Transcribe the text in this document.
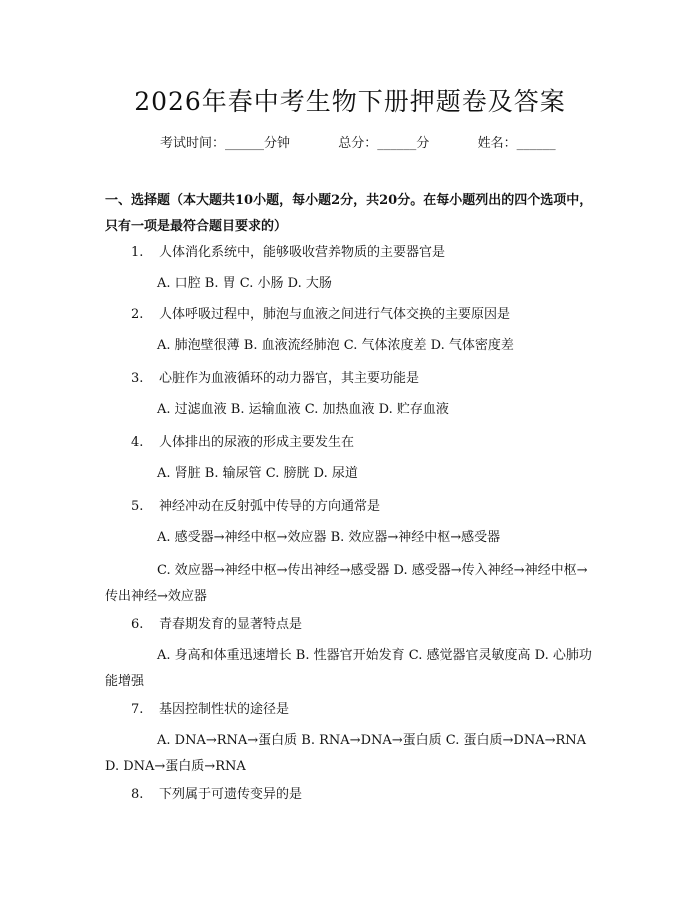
2026年春中考生物下册押题卷及答案
考试时间：______分钟	总分：______分	姓名：______
一、选择题（本大题共10小题，每小题2分，共20分。在每小题列出的四个选项中，只有一项是最符合题目要求的）
1.	人体消化系统中，能够吸收营养物质的主要器官是
A. 口腔 B. 胃 C. 小肠 D. 大肠
2.	人体呼吸过程中，肺泡与血液之间进行气体交换的主要原因是
A. 肺泡壁很薄 B. 血液流经肺泡 C. 气体浓度差 D. 气体密度差
3.	心脏作为血液循环的动力器官，其主要功能是
A. 过滤血液 B. 运输血液 C. 加热血液 D. 贮存血液
4.	人体排出的尿液的形成主要发生在
A. 肾脏 B. 输尿管 C. 膀胱 D. 尿道
5.	神经冲动在反射弧中传导的方向通常是
A. 感受器→神经中枢→效应器 B. 效应器→神经中枢→感受器
C. 效应器→神经中枢→传出神经→感受器 D. 感受器→传入神经→神经中枢→传出神经→效应器
6.	青春期发育的显著特点是
A. 身高和体重迅速增长 B. 性器官开始发育 C. 感觉器官灵敏度高 D. 心肺功能增强
7.	基因控制性状的途径是
A. DNA→RNA→蛋白质 B. RNA→DNA→蛋白质 C. 蛋白质→DNA→RNA D. DNA→蛋白质→RNA
8.	下列属于可遗传变异的是
